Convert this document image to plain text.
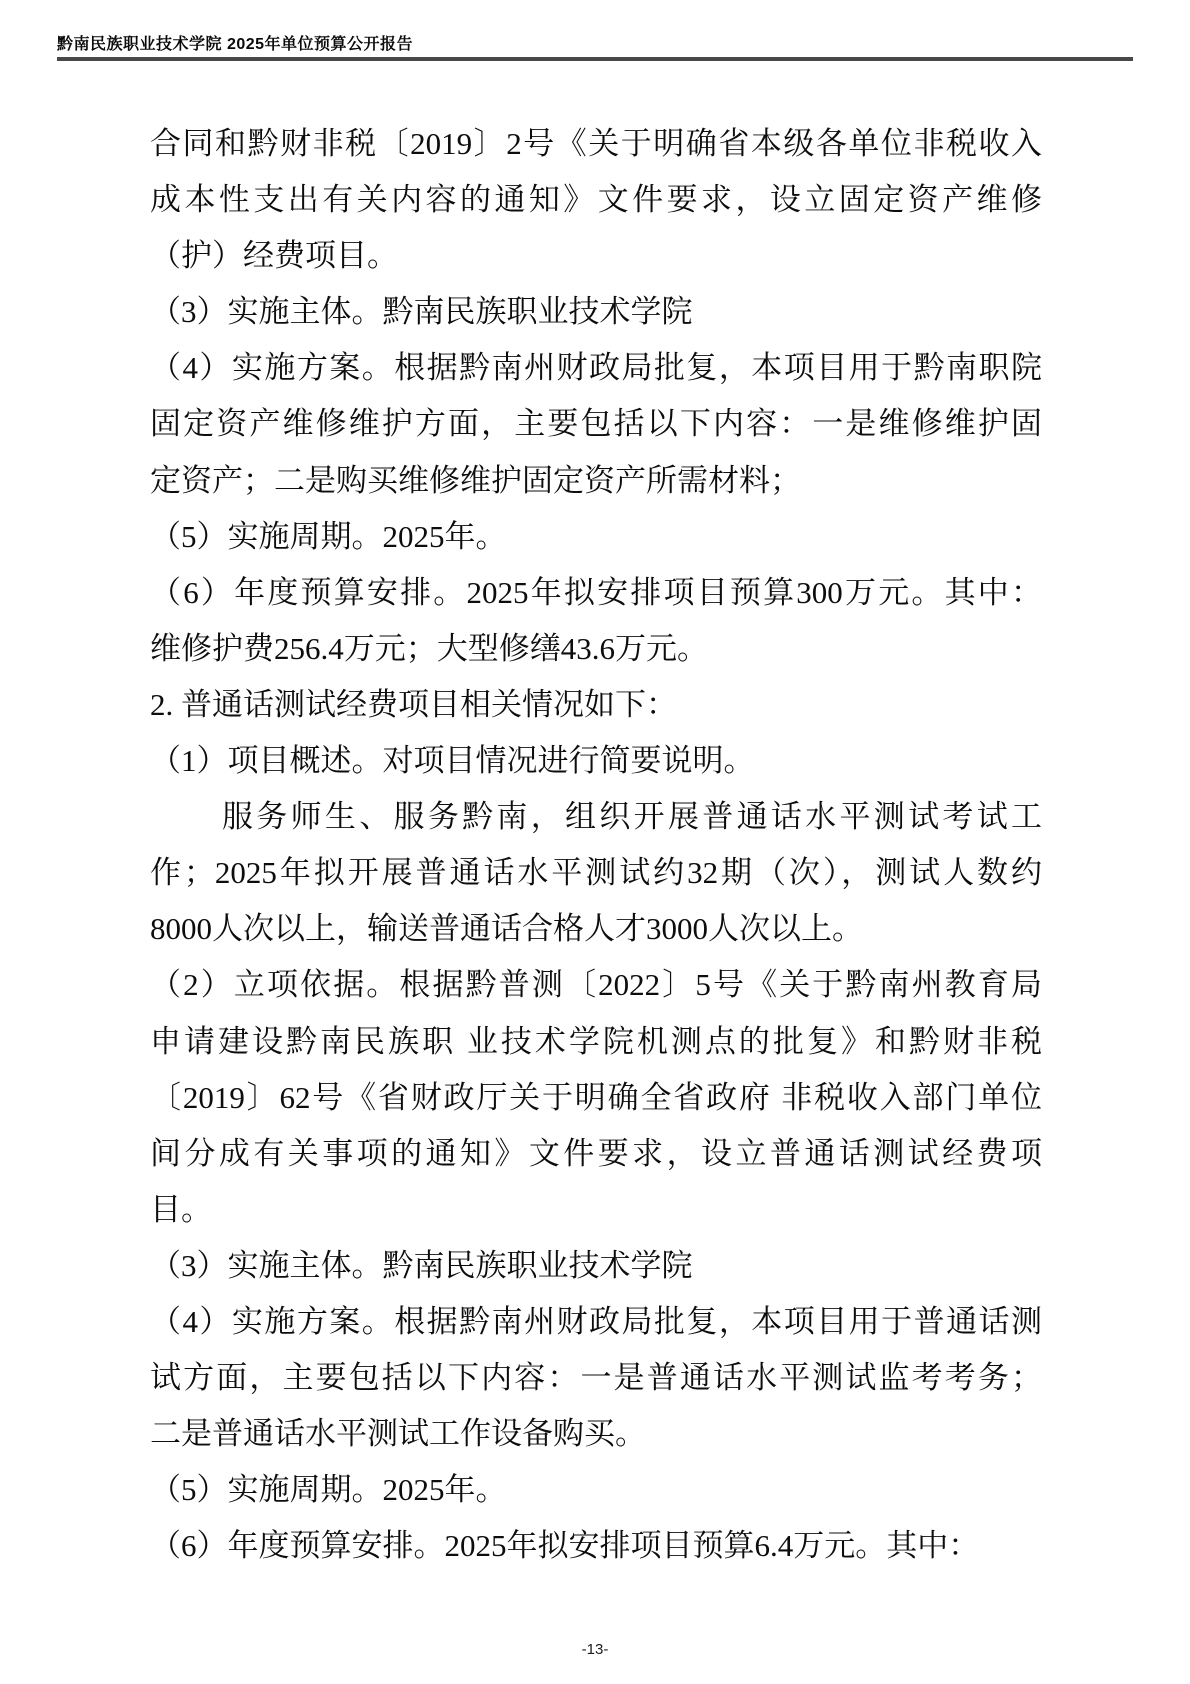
黔南民族职业技术学院 2025年单位预算公开报告
合同和黔财非税〔2019〕2号《关于明确省本级各单位非税收入
成本性支出有关内容的通知》文件要求，设立固定资产维修
（护）经费项目。
（3）实施主体。黔南民族职业技术学院
（4）实施方案。根据黔南州财政局批复，本项目用于黔南职院
固定资产维修维护方面，主要包括以下内容：一是维修维护固
定资产；二是购买维修维护固定资产所需材料；
（5）实施周期。2025年。
（6）年度预算安排。2025年拟安排项目预算300万元。其中：
维修护费256.4万元；大型修缮43.6万元。
2. 普通话测试经费项目相关情况如下：
（1）项目概述。对项目情况进行简要说明。
服务师生、服务黔南，组织开展普通话水平测试考试工
作；2025年拟开展普通话水平测试约32期（次），测试人数约
8000人次以上，输送普通话合格人才3000人次以上。
（2）立项依据。根据黔普测〔2022〕5号《关于黔南州教育局
申请建设黔南民族职 业技术学院机测点的批复》和黔财非税
〔2019〕62号《省财政厅关于明确全省政府 非税收入部门单位
间分成有关事项的通知》文件要求，设立普通话测试经费项
目。
（3）实施主体。黔南民族职业技术学院
（4）实施方案。根据黔南州财政局批复，本项目用于普通话测
试方面，主要包括以下内容：一是普通话水平测试监考考务；
二是普通话水平测试工作设备购买。
（5）实施周期。2025年。
（6）年度预算安排。2025年拟安排项目预算6.4万元。其中：
-13-
